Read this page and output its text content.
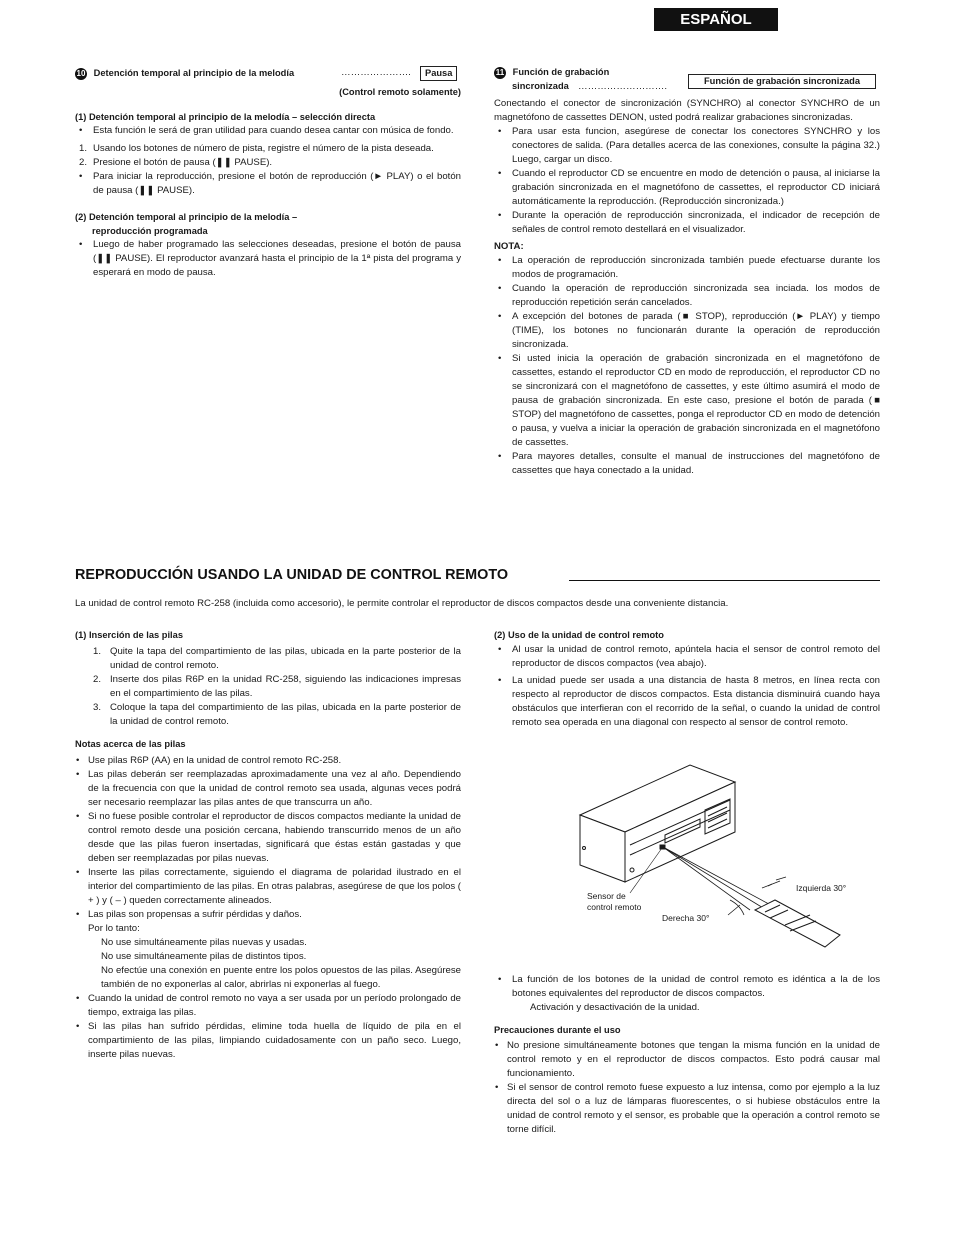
ESPAÑOL
10 Detención temporal al principio de la melodía	………………….	Pausa

(Control remoto solamente)

(1) Detención temporal al principio de la melodía – selección directa

• Esta función le será de gran utilidad para cuando desea cantar con música de fondo.
1. Usando los botones de número de pista, registre el número de la pista deseada.
2. Presione el botón de pausa (❚❚ PAUSE).
• Para iniciar la reproducción, presione el botón de reproducción (► PLAY) o el botón de pausa (❚❚ PAUSE).

(2) Detención temporal al principio de la melodía –

reproducción programada

• Luego de haber programado las selecciones deseadas, presione el botón de pausa (❚❚ PAUSE). El reproductor avanzará hasta el principio de la 1ª pista del programa y esperará en modo de pausa.
11 Función de grabación
sincronizada ……………………….	Función de grabación sincronizada

Conectando el conector de sincronización (SYNCHRO) al conector SYNCHRO de un magnetófono de cassettes DENON, usted podrá realizar grabaciones sincronizadas.

• Para usar esta funcion, asegúrese de conectar los conectores SYNCHRO y los conectores de salida. (Para detalles acerca de las conexiones, consulte la página 32.) Luego, cargar un disco.
• Cuando el reproductor CD se encuentre en modo de detención o pausa, al iniciarse la grabación sincronizada en el magnetófono de cassettes, el reproductor CD iniciará automáticamente la reproducción. (Reproducción sincronizada.)
• Durante la operación de reproducción sincronizada, el indicador de recepción de señales de control remoto destellará en el visualizador.

NOTA:

• La operación de reproducción sincronizada también puede efectuarse durante los modos de programación.
• Cuando la operación de reproducción sincronizada sea inciada. los modos de reproducción repetición serán cancelados.
• A excepción del botones de parada (■ STOP), reproducción (► PLAY) y tiempo (TIME), los botones no funcionarán durante la operación de reproducción sincronizada.
• Si usted inicia la operación de grabación sincronizada en el magnetófono de cassettes, estando el reproductor CD en modo de reproducción, el reproductor CD no se sincronizará con el magnetófono de cassettes, y este último asumirá el modo de pausa de grabación sincronizada. En este caso, presione el botón de parada (■ STOP) del magnetófono de cassettes, ponga el reproductor CD en modo de detención o pausa, y vuelva a iniciar la operación de grabación sincronizada en el magnetófono de cassettes.
• Para mayores detalles, consulte el manual de instrucciones del magnetófono de cassettes que haya conectado a la unidad.
REPRODUCCIÓN USANDO LA UNIDAD DE CONTROL REMOTO

La unidad de control remoto RC-258 (incluida como accesorio), le permite controlar el reproductor de discos compactos desde una conveniente distancia.

(1) Inserción de las pilas

1. Quite la tapa del compartimiento de las pilas, ubicada en la parte posterior de la unidad de control remoto.
2. Inserte dos pilas R6P en la unidad RC-258, siguiendo las indicaciones impresas en el compartimiento de las pilas.
3. Coloque la tapa del compartimiento de las pilas, ubicada en la parte posterior de la unidad de control remoto.

Notas acerca de las pilas

• Use pilas R6P (AA) en la unidad de control remoto RC-258.
• Las pilas deberán ser reemplazadas aproximadamente una vez al año. Dependiendo de la frecuencia con que la unidad de control remoto sea usada, algunas veces podrá ser necesario reemplazar las pilas antes de que transcurra un año.
• Si no fuese posible controlar el reproductor de discos compactos mediante la unidad de control remoto desde una posición cercana, habiendo transcurrido menos de un año desde que las pilas fueron insertadas, significará que éstas están gastadas y que deben ser reemplazadas por pilas nuevas.
• Inserte las pilas correctamente, siguiendo el diagrama de polaridad ilustrado en el interior del compartimiento de las pilas. En otras palabras, asegúrese de que los polos ( + ) y ( – ) queden correctamente alineados.
• Las pilas son propensas a sufrir pérdidas y daños.

Por lo tanto:

No use simultáneamente pilas nuevas y usadas.

No use simultáneamente pilas de distintos tipos.

No efectúe una conexión en puente entre los polos opuestos de las pilas. Asegúrese también de no exponerlas al calor, abrirlas ni exponerlas al fuego.

• Cuando la unidad de control remoto no vaya a ser usada por un período prolongado de tiempo, extraiga las pilas.
• Si las pilas han sufrido pérdidas, elimine toda huella de líquido de pila en el compartimiento de las pilas, limpiando cuidadosamente con un paño seco. Luego, inserte pilas nuevas.

(2) Uso de la unidad de control remoto

• Al usar la unidad de control remoto, apúntela hacia el sensor de control remoto del reproductor de discos compactos (vea abajo).
• La unidad puede ser usada a una distancia de hasta 8 metros, en línea recta con respecto al reproductor de discos compactos. Esta distancia disminuirá cuando haya obstáculos que interfieran con el recorrido de la señal, o cuando la unidad de control remoto sea operada en una diagonal con respecto al sensor de control remoto.
Sensor de
control remoto
Izquierda 30°
Derecha 30°
• La función de los botones de la unidad de control remoto es idéntica a la de los botones equivalentes del reproductor de discos compactos.

Activación y desactivación de la unidad.

Precauciones durante el uso

• No presione simultáneamente botones que tengan la misma función en la unidad de control remoto y en el reproductor de discos compactos. Esto podrá causar mal funcionamiento.
• Si el sensor de control remoto fuese expuesto a luz intensa, como por ejemplo a la luz directa del sol o a luz de lámparas fluorescentes, o si hubiese obstáculos entre la unidad de control remoto y el sensor, es probable que la operación a control remoto se torne difícil.
